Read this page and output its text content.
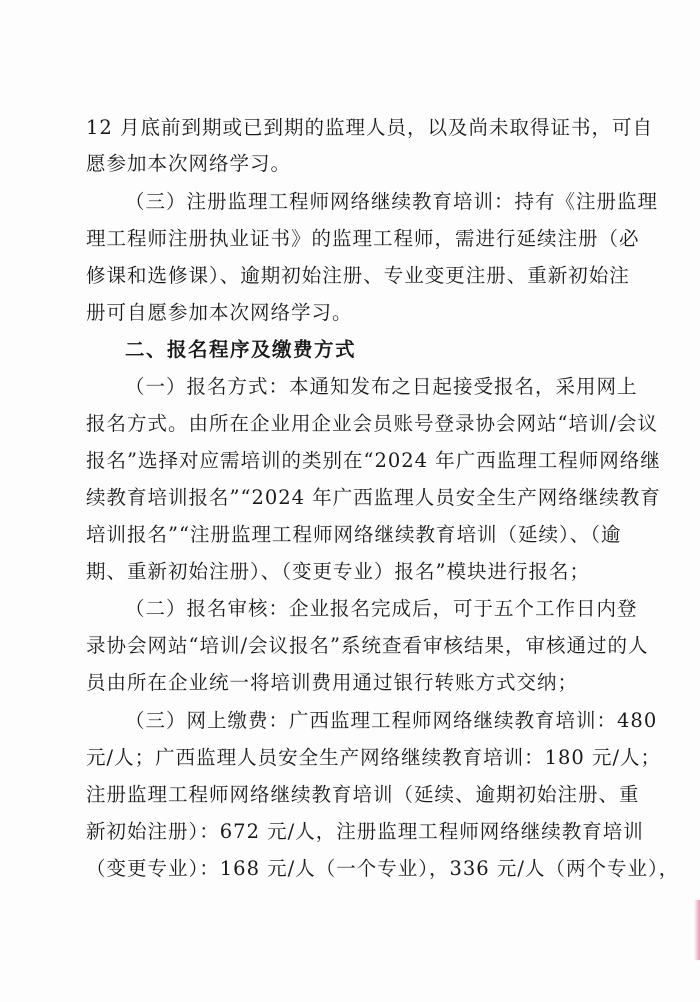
12 月底前到期或已到期的监理人员，以及尚未取得证书，可自
愿参加本次网络学习。
（三）注册监理工程师网络继续教育培训：持有《注册监理
理工程师注册执业证书》的监理工程师，需进行延续注册（必
修课和选修课）、逾期初始注册、专业变更注册、重新初始注
册可自愿参加本次网络学习。
二、报名程序及缴费方式
（一）报名方式：本通知发布之日起接受报名，采用网上
报名方式。由所在企业用企业会员账号登录协会网站“培训/会议
报名”选择对应需培训的类别在“2024 年广西监理工程师网络继
续教育培训报名”“2024 年广西监理人员安全生产网络继续教育
培训报名”“注册监理工程师网络继续教育培训（延续）、（逾
期、重新初始注册）、（变更专业）报名”模块进行报名；
（二）报名审核：企业报名完成后，可于五个工作日内登
录协会网站“培训/会议报名”系统查看审核结果，审核通过的人
员由所在企业统一将培训费用通过银行转账方式交纳；
（三）网上缴费：广西监理工程师网络继续教育培训：480
元/人；广西监理人员安全生产网络继续教育培训：180 元/人；
注册监理工程师网络继续教育培训（延续、逾期初始注册、重
新初始注册）：672 元/人，注册监理工程师网络继续教育培训
（变更专业）：168 元/人（一个专业），336 元/人（两个专业），
